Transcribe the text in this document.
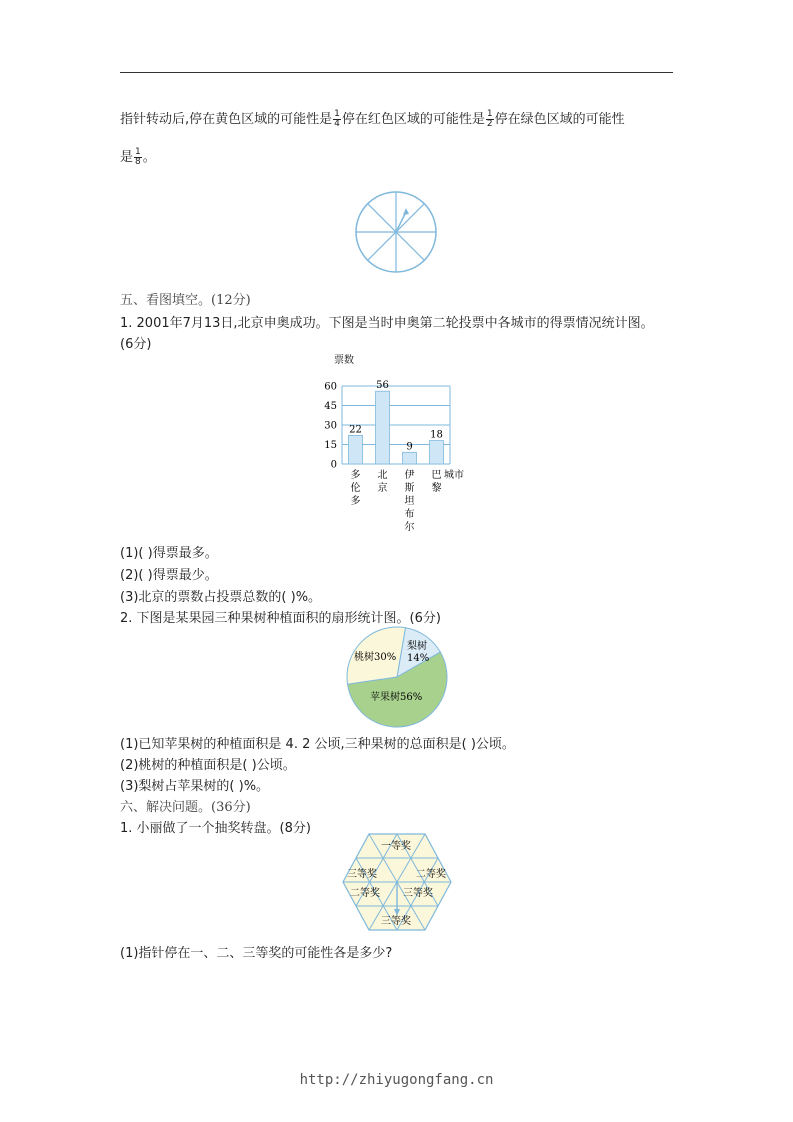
指针转动后,停在黄色区域的可能性是 $\frac{1}{4}$ 停在红色区域的可能性是 $\frac{1}{2}$ 停在绿色区域的可能性
是 $\frac{1}{8}$ 。
五、看图填空。(12分)
1. 2001年7月13日,北京申奥成功。下图是当时申奥第二轮投票中各城市的得票情况统计图。
(6分)
票数
0
15
30
45
60
22
56
9
18
多伦多
北京
伊斯坦布尔
巴黎
城市
(1)( )得票最多。
(2)( )得票最少。
(3)北京的票数占投票总数的( )%。
2. 下图是某果园三种果树种植面积的扇形统计图。(6分)
梨树
14%
苹果树56%
桃树30%
(1)已知苹果树的种植面积是 4. 2 公顷,三种果树的总面积是( )公顷。
(2)桃树的种植面积是( )公顷。
(3)梨树占苹果树的( )%。
六、解决问题。(36分)
1. 小丽做了一个抽奖转盘。(8分)
一等奖
三等奖	二等奖
二等奖 三等奖
三等奖
(1)指针停在一、二、三等奖的可能性各是多少?
http://zhiyugongfang.cn
